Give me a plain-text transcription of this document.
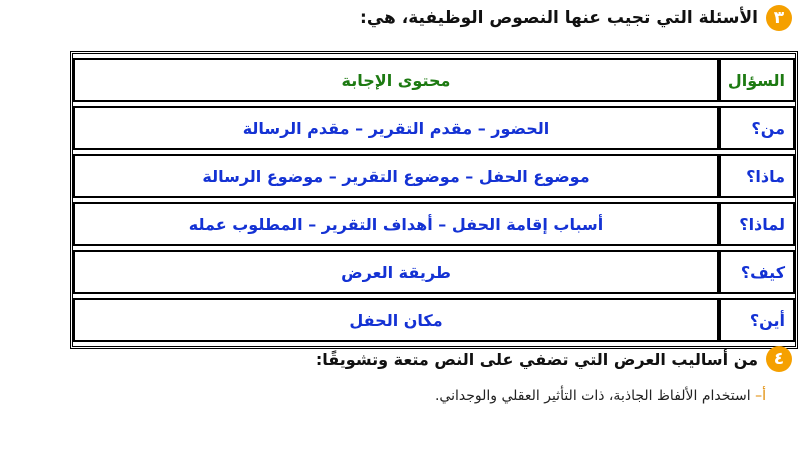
٣
الأسئلة التي تجيب عنها النصوص الوظيفية، هي:
السؤال	محتوى الإجابة
من؟	الحضور – مقدم التقرير – مقدم الرسالة
ماذا؟	موضوع الحفل – موضوع التقرير – موضوع الرسالة
لماذا؟	أسباب إقامة الحفل – أهداف التقرير – المطلوب عمله
كيف؟	طريقة العرض
أين؟	مكان الحفل
٤
من أساليب العرض التي تضفي على النص متعة وتشويقًا:
أ– استخدام الألفاظ الجاذبة، ذات التأثير العقلي والوجداني.
